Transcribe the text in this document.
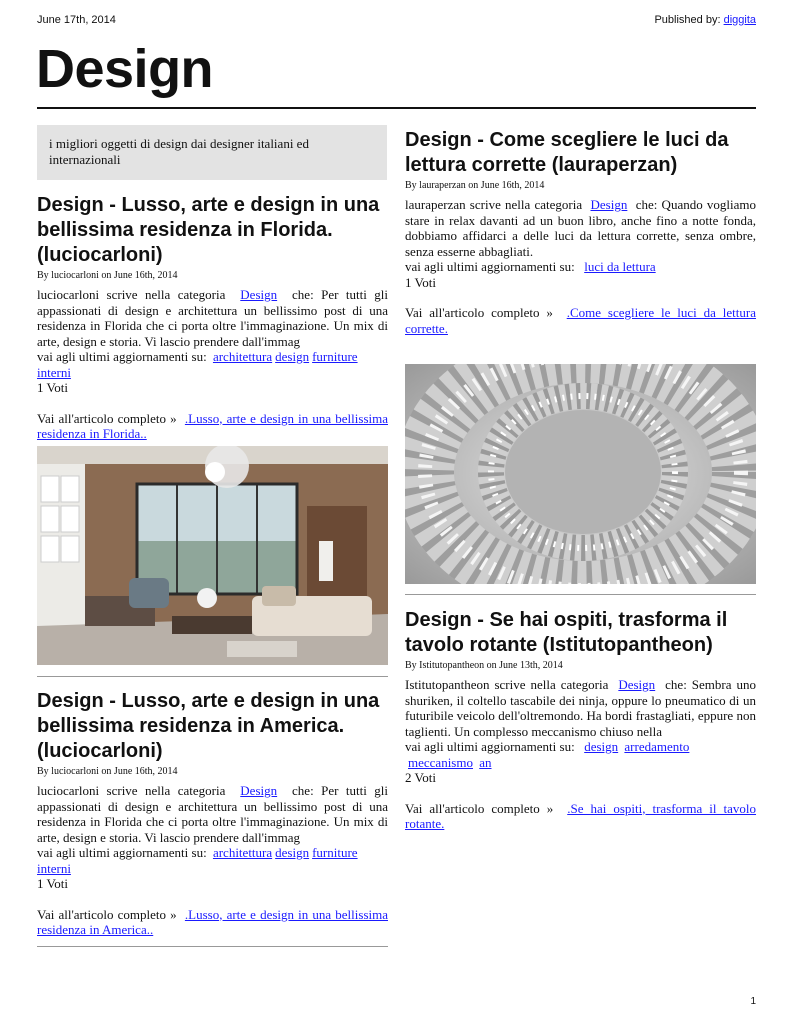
June 17th, 2014	Published by: diggita
Design
i migliori oggetti di design dai designer italiani ed internazionali
Design - Lusso, arte e design in una bellissima residenza in Florida. (luciocarloni)
By luciocarloni on June 16th, 2014

luciocarloni scrive nella categoria Design che: Per tutti gli appassionati di design e architettura un bellissimo post di una residenza in Florida che ci porta oltre l'immaginazione. Un mix di arte, design e storia. Vi lascio prendere dall'immag

vai agli ultimi aggiornamenti su: architettura design furniture interni

1 Voti

Vai all'articolo completo » .Lusso, arte e design in una bellissima residenza in Florida..

Design - Lusso, arte e design in una bellissima residenza in America. (luciocarloni)
By luciocarloni on June 16th, 2014

luciocarloni scrive nella categoria Design che: Per tutti gli appassionati di design e architettura un bellissimo post di una residenza in Florida che ci porta oltre l'immaginazione. Un mix di arte, design e storia. Vi lascio prendere dall'immag

vai agli ultimi aggiornamenti su: architettura design furniture interni

1 Voti

Vai all'articolo completo » .Lusso, arte e design in una bellissima residenza in America..

Design - Come scegliere le luci da lettura corrette (lauraperzan)
By lauraperzan on June 16th, 2014

lauraperzan scrive nella categoria Design che: Quando vogliamo stare in relax davanti ad un buon libro, anche fino a notte fonda, dobbiamo affidarci a delle luci da lettura corrette, senza ombre, senza esserne abbagliati.

vai agli ultimi aggiornamenti su: luci da lettura

1 Voti

Vai all'articolo completo » .Come scegliere le luci da lettura corrette.

Design - Se hai ospiti, trasforma il tavolo rotante (Istitutopantheon)
By Istitutopantheon on June 13th, 2014

Istitutopantheon scrive nella categoria Design che: Sembra uno shuriken, il coltello tascabile dei ninja, oppure lo pneumatico di un futuribile veicolo dell'oltremondo. Ha bordi frastagliati, eppure non taglienti. Un complesso meccanismo chiuso nella

vai agli ultimi aggiornamenti su: design arredamento meccanismo an

2 Voti

Vai all'articolo completo » .Se hai ospiti, trasforma il tavolo rotante.

1
